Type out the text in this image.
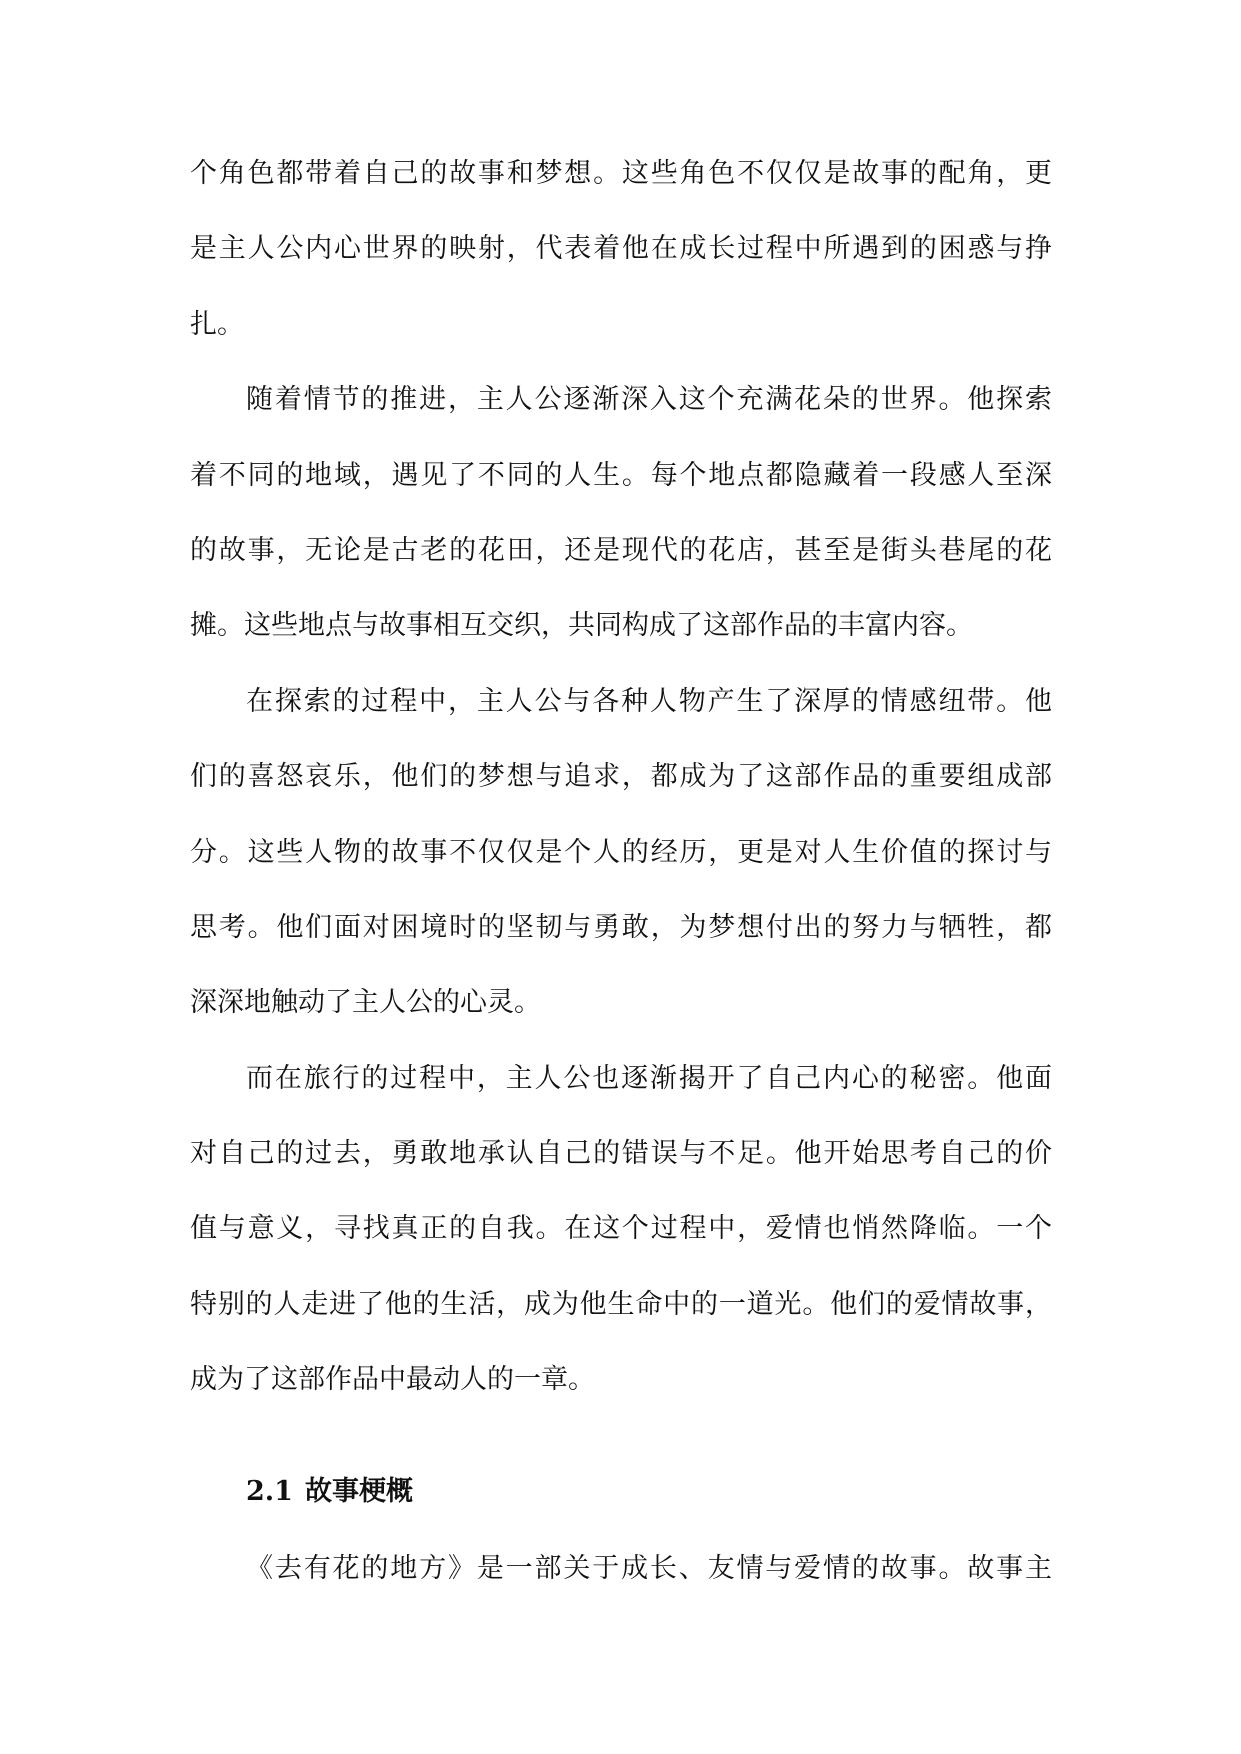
个角色都带着自己的故事和梦想。这些角色不仅仅是故事的配角，更
是主人公内心世界的映射，代表着他在成长过程中所遇到的困惑与挣
扎。
随着情节的推进，主人公逐渐深入这个充满花朵的世界。他探索
着不同的地域，遇见了不同的人生。每个地点都隐藏着一段感人至深
的故事，无论是古老的花田，还是现代的花店，甚至是街头巷尾的花
摊。这些地点与故事相互交织，共同构成了这部作品的丰富内容。
在探索的过程中，主人公与各种人物产生了深厚的情感纽带。他
们的喜怒哀乐，他们的梦想与追求，都成为了这部作品的重要组成部
分。这些人物的故事不仅仅是个人的经历，更是对人生价值的探讨与
思考。他们面对困境时的坚韧与勇敢，为梦想付出的努力与牺牲，都
深深地触动了主人公的心灵。
而在旅行的过程中，主人公也逐渐揭开了自己内心的秘密。他面
对自己的过去，勇敢地承认自己的错误与不足。他开始思考自己的价
值与意义，寻找真正的自我。在这个过程中，爱情也悄然降临。一个
特别的人走进了他的生活，成为他生命中的一道光。他们的爱情故事，
成为了这部作品中最动人的一章。
2.1 故事梗概
《去有花的地方》是一部关于成长、友情与爱情的故事。故事主
